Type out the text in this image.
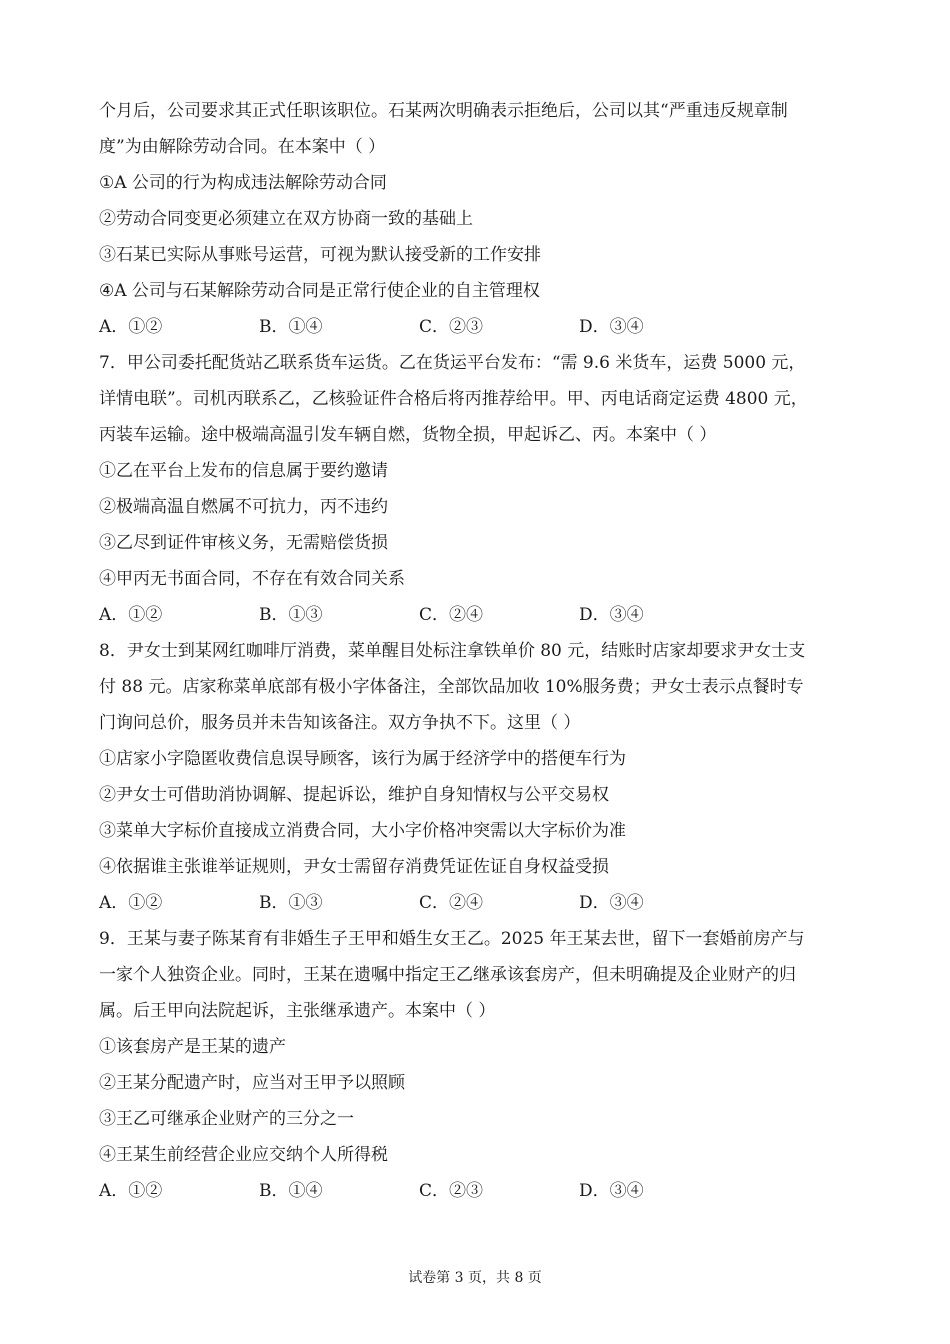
个月后，公司要求其正式任职该职位。石某两次明确表示拒绝后，公司以其“严重违反规章制
度”为由解除劳动合同。在本案中（ ）
①A 公司的行为构成违法解除劳动合同
②劳动合同变更必须建立在双方协商一致的基础上
③石某已实际从事账号运营，可视为默认接受新的工作安排
④A 公司与石某解除劳动合同是正常行使企业的自主管理权
A．①②	B．①④	C．②③	D．③④
7．甲公司委托配货站乙联系货车运货。乙在货运平台发布：“需 9.6 米货车，运费 5000 元，
详情电联”。司机丙联系乙，乙核验证件合格后将丙推荐给甲。甲、丙电话商定运费 4800 元，
丙装车运输。途中极端高温引发车辆自燃，货物全损，甲起诉乙、丙。本案中（ ）
①乙在平台上发布的信息属于要约邀请
②极端高温自燃属不可抗力，丙不违约
③乙尽到证件审核义务，无需赔偿货损
④甲丙无书面合同，不存在有效合同关系
A．①②	B．①③	C．②④	D．③④
8．尹女士到某网红咖啡厅消费，菜单醒目处标注拿铁单价 80 元，结账时店家却要求尹女士支
付 88 元。店家称菜单底部有极小字体备注，全部饮品加收 10%服务费；尹女士表示点餐时专
门询问总价，服务员并未告知该备注。双方争执不下。这里（ ）
①店家小字隐匿收费信息误导顾客，该行为属于经济学中的搭便车行为
②尹女士可借助消协调解、提起诉讼，维护自身知情权与公平交易权
③菜单大字标价直接成立消费合同，大小字价格冲突需以大字标价为准
④依据谁主张谁举证规则，尹女士需留存消费凭证佐证自身权益受损
A．①②	B．①③	C．②④	D．③④
9．王某与妻子陈某育有非婚生子王甲和婚生女王乙。2025 年王某去世，留下一套婚前房产与
一家个人独资企业。同时，王某在遗嘱中指定王乙继承该套房产，但未明确提及企业财产的归
属。后王甲向法院起诉，主张继承遗产。本案中（ ）
①该套房产是王某的遗产
②王某分配遗产时，应当对王甲予以照顾
③王乙可继承企业财产的三分之一
④王某生前经营企业应交纳个人所得税
A．①②	B．①④	C．②③	D．③④
试卷第 3 页，共 8 页
